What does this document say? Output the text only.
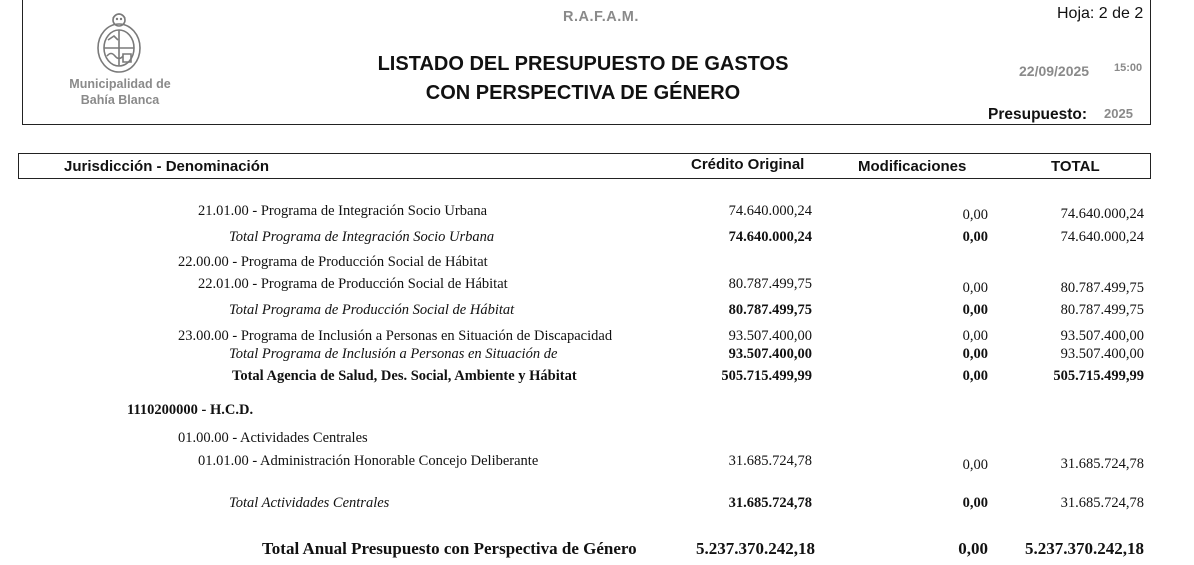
Municipalidad de
Bahía Blanca
R.A.F.A.M.
LISTADO DEL PRESUPUESTO DE GASTOS
CON PERSPECTIVA DE GÉNERO
Hoja: 2 de 2
22/09/2025 15:00
Presupuesto: 2025
Jurisdicción - Denominación	Crédito Original	Modificaciones	TOTAL
21.01.00 - Programa de Integración Socio Urbana	74.640.000,24	0,00	74.640.000,24
Total Programa de Integración Socio Urbana	74.640.000,24	0,00	74.640.000,24
22.00.00 - Programa de Producción Social de Hábitat
22.01.00 - Programa de Producción Social de Hábitat	80.787.499,75	0,00	80.787.499,75
Total Programa de Producción Social de Hábitat	80.787.499,75	0,00	80.787.499,75
23.00.00 - Programa de Inclusión a Personas en Situación de Discapacidad	93.507.400,00	0,00	93.507.400,00
Total Programa de Inclusión a Personas en Situación de	93.507.400,00	0,00	93.507.400,00
Total Agencia de Salud, Des. Social, Ambiente y Hábitat	505.715.499,99	0,00	505.715.499,99
1110200000 - H.C.D.
01.00.00 - Actividades Centrales
01.01.00 - Administración Honorable Concejo Deliberante	31.685.724,78	0,00	31.685.724,78
Total Actividades Centrales	31.685.724,78	0,00	31.685.724,78
Total Anual Presupuesto con Perspectiva de Género	5.237.370.242,18	0,00 5.237.370.242,18
